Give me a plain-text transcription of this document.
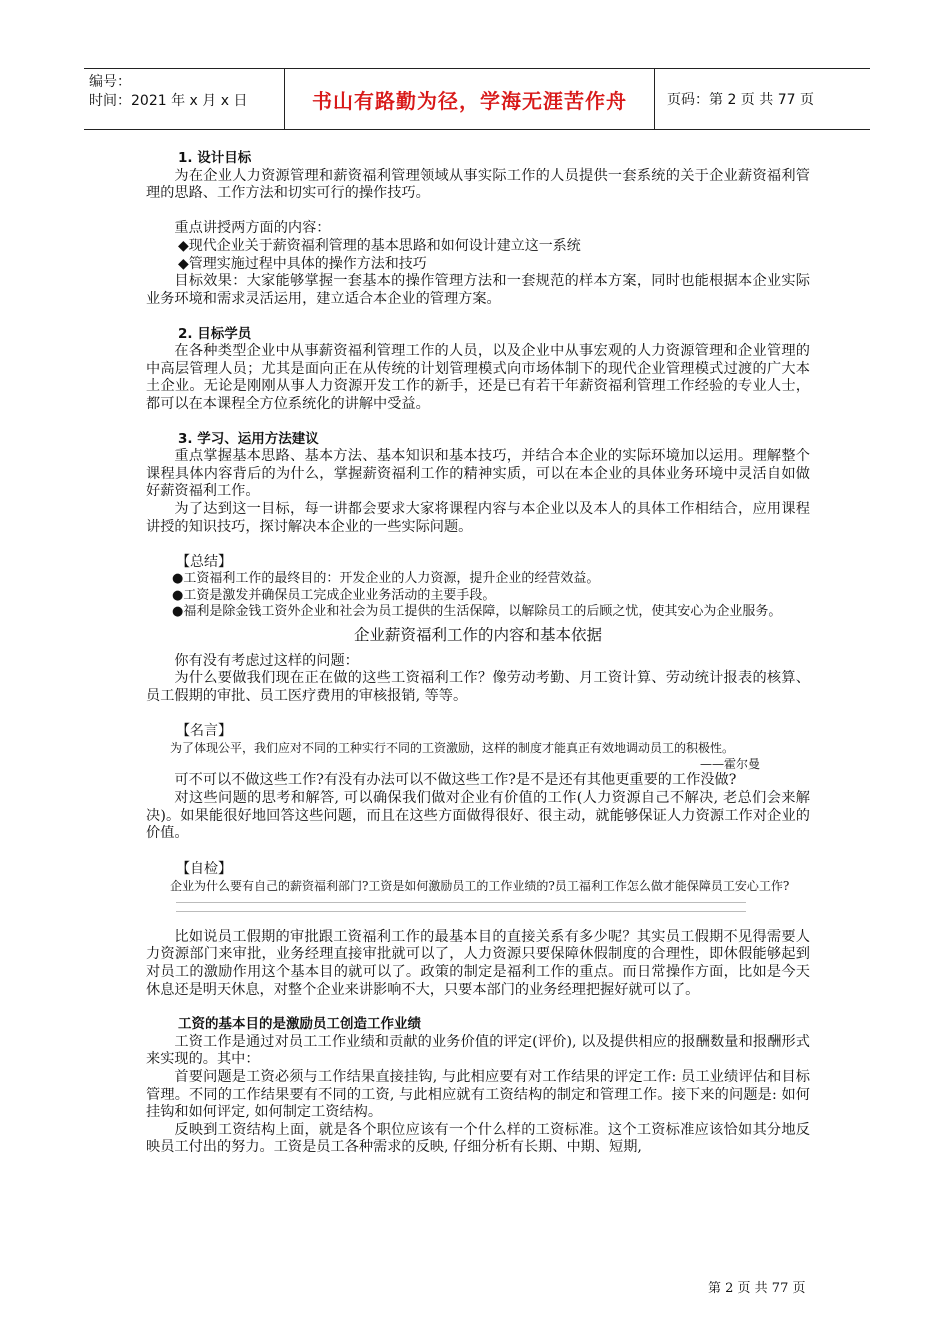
编号：
时间：2021 年 x 月 x 日	书山有路勤为径，学海无涯苦作舟	页码：第 2 页 共 77 页
1. 设计目标

为在企业人力资源管理和薪资福利管理领域从事实际工作的人员提供一套系统的关于企业薪资福利管理的思路、工作方法和切实可行的操作技巧。

重点讲授两方面的内容：

◆现代企业关于薪资福利管理的基本思路和如何设计建立这一系统
◆管理实施过程中具体的操作方法和技巧

目标效果：大家能够掌握一套基本的操作管理方法和一套规范的样本方案，同时也能根据本企业实际业务环境和需求灵活运用，建立适合本企业的管理方案。

2. 目标学员

在各种类型企业中从事薪资福利管理工作的人员，以及企业中从事宏观的人力资源管理和企业管理的中高层管理人员；尤其是面向正在从传统的计划管理模式向市场体制下的现代企业管理模式过渡的广大本土企业。无论是刚刚从事人力资源开发工作的新手，还是已有若干年薪资福利管理工作经验的专业人士，都可以在本课程全方位系统化的讲解中受益。

3. 学习、运用方法建议

重点掌握基本思路、基本方法、基本知识和基本技巧，并结合本企业的实际环境加以运用。理解整个课程具体内容背后的为什么，掌握薪资福利工作的精神实质，可以在本企业的具体业务环境中灵活自如做好薪资福利工作。

为了达到这一目标，每一讲都会要求大家将课程内容与本企业以及本人的具体工作相结合，应用课程讲授的知识技巧，探讨解决本企业的一些实际问题。

【总结】

●工资福利工作的最终目的：开发企业的人力资源，提升企业的经营效益。

●工资是激发并确保员工完成企业业务活动的主要手段。

●福利是除金钱工资外企业和社会为员工提供的生活保障，以解除员工的后顾之忧，使其安心为企业服务。

企业薪资福利工作的内容和基本依据

你有没有考虑过这样的问题：

为什么要做我们现在正在做的这些工资福利工作？像劳动考勤、月工资计算、劳动统计报表的核算、员工假期的审批、员工医疗费用的审核报销, 等等。

【名言】

为了体现公平，我们应对不同的工种实行不同的工资激励，这样的制度才能真正有效地调动员工的积极性。

——霍尔曼

可不可以不做这些工作?有没有办法可以不做这些工作?是不是还有其他更重要的工作没做?

对这些问题的思考和解答, 可以确保我们做对企业有价值的工作(人力资源自己不解决, 老总们会来解决)。如果能很好地回答这些问题，而且在这些方面做得很好、很主动，就能够保证人力资源工作对企业的价值。

【自检】

企业为什么要有自己的薪资福利部门?工资是如何激励员工的工作业绩的?员工福利工作怎么做才能保障员工安心工作?

比如说员工假期的审批跟工资福利工作的最基本目的直接关系有多少呢？其实员工假期不见得需要人力资源部门来审批，业务经理直接审批就可以了，人力资源只要保障休假制度的合理性，即休假能够起到对员工的激励作用这个基本目的就可以了。政策的制定是福利工作的重点。而日常操作方面，比如是今天休息还是明天休息，对整个企业来讲影响不大，只要本部门的业务经理把握好就可以了。

工资的基本目的是激励员工创造工作业绩

工资工作是通过对员工工作业绩和贡献的业务价值的评定(评价), 以及提供相应的报酬数量和报酬形式来实现的。其中：

首要问题是工资必须与工作结果直接挂钩, 与此相应要有对工作结果的评定工作: 员工业绩评估和目标管理。不同的工作结果要有不同的工资, 与此相应就有工资结构的制定和管理工作。接下来的问题是: 如何挂钩和如何评定, 如何制定工资结构。

反映到工资结构上面，就是各个职位应该有一个什么样的工资标准。这个工资标准应该恰如其分地反映员工付出的努力。工资是员工各种需求的反映, 仔细分析有长期、中期、短期,

第 2 页 共 77 页
